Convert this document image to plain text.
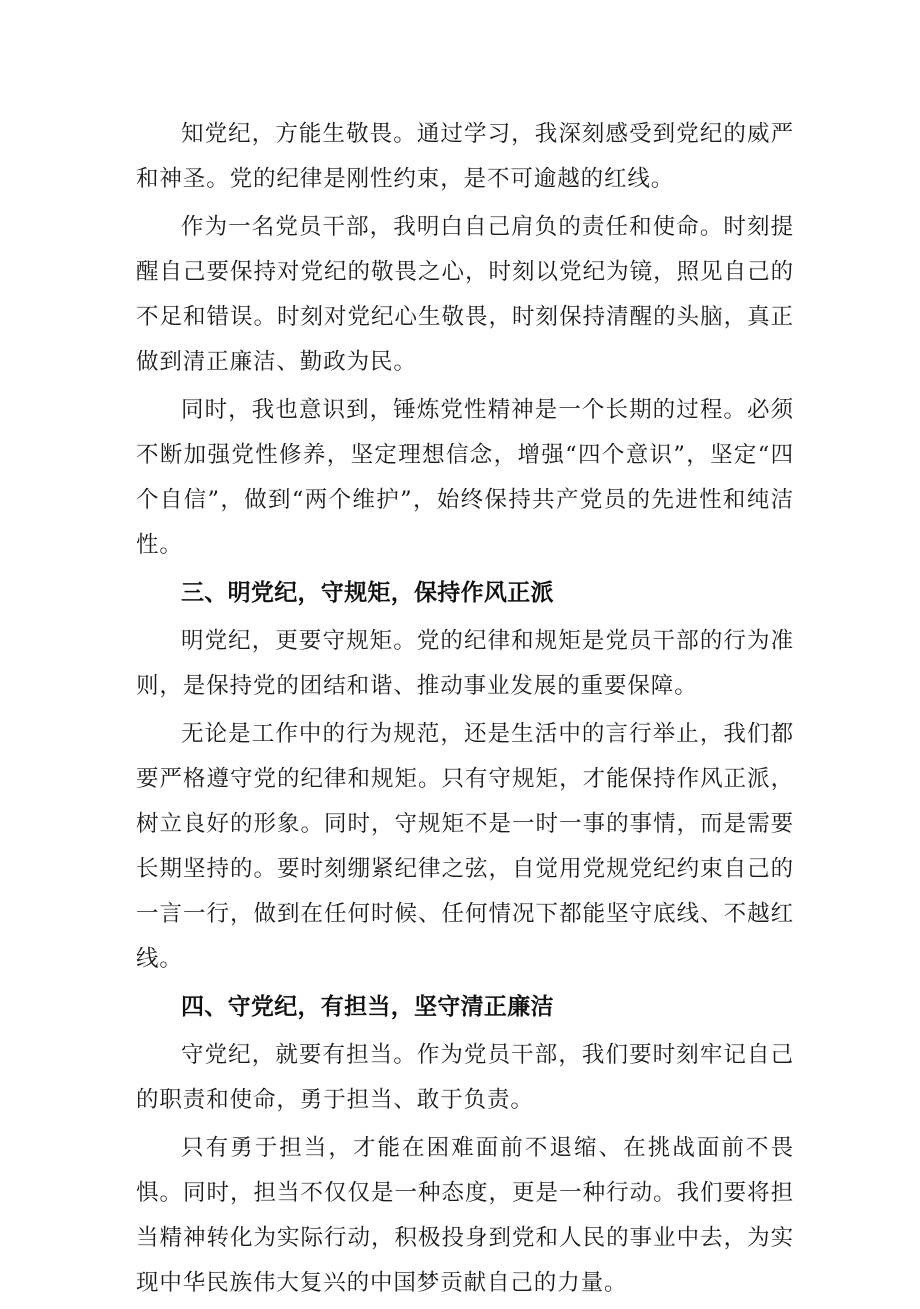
知党纪，方能生敬畏。通过学习，我深刻感受到党纪的威严和神圣。党的纪律是刚性约束，是不可逾越的红线。

作为一名党员干部，我明白自己肩负的责任和使命。时刻提醒自己要保持对党纪的敬畏之心，时刻以党纪为镜，照见自己的不足和错误。时刻对党纪心生敬畏，时刻保持清醒的头脑，真正做到清正廉洁、勤政为民。

同时，我也意识到，锤炼党性精神是一个长期的过程。必须不断加强党性修养，坚定理想信念，增强“四个意识”，坚定“四个自信”，做到“两个维护”，始终保持共产党员的先进性和纯洁性。

三、明党纪，守规矩，保持作风正派

明党纪，更要守规矩。党的纪律和规矩是党员干部的行为准则，是保持党的团结和谐、推动事业发展的重要保障。

无论是工作中的行为规范，还是生活中的言行举止，我们都要严格遵守党的纪律和规矩。只有守规矩，才能保持作风正派，树立良好的形象。同时，守规矩不是一时一事的事情，而是需要长期坚持的。要时刻绷紧纪律之弦，自觉用党规党纪约束自己的一言一行，做到在任何时候、任何情况下都能坚守底线、不越红线。

四、守党纪，有担当，坚守清正廉洁

守党纪，就要有担当。作为党员干部，我们要时刻牢记自己的职责和使命，勇于担当、敢于负责。

只有勇于担当，才能在困难面前不退缩、在挑战面前不畏惧。同时，担当不仅仅是一种态度，更是一种行动。我们要将担当精神转化为实际行动，积极投身到党和人民的事业中去，为实现中华民族伟大复兴的中国梦贡献自己的力量。
